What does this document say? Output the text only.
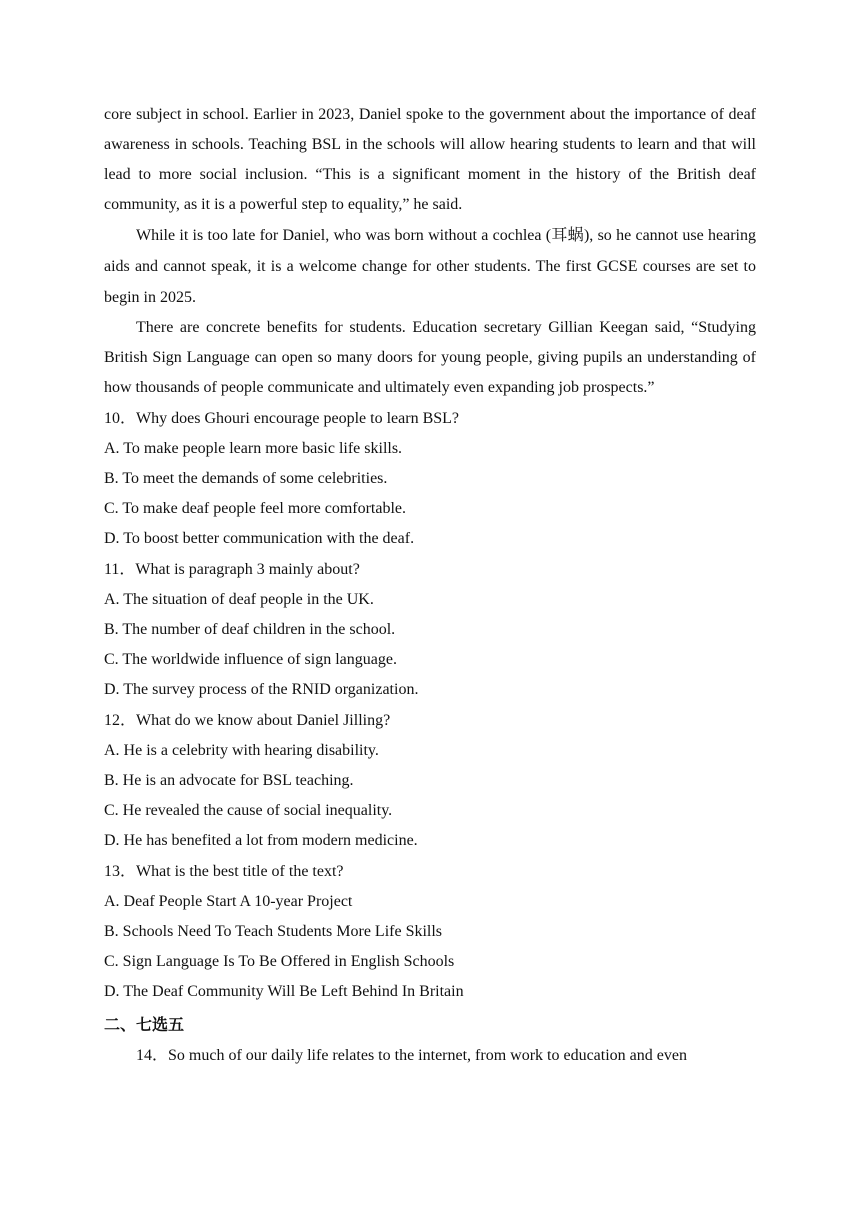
core subject in school. Earlier in 2023, Daniel spoke to the government about the importance of deaf awareness in schools. Teaching BSL in the schools will allow hearing students to learn and that will lead to more social inclusion. “This is a significant moment in the history of the British deaf community, as it is a powerful step to equality,” he said.

While it is too late for Daniel, who was born without a cochlea (耳蜗), so he cannot use hearing aids and cannot speak, it is a welcome change for other students. The first GCSE courses are set to begin in 2025.

There are concrete benefits for students. Education secretary Gillian Keegan said, “Studying British Sign Language can open so many doors for young people, giving pupils an understanding of how thousands of people communicate and ultimately even expanding job prospects.”

10．Why does Ghouri encourage people to learn BSL?

A. To make people learn more basic life skills.

B. To meet the demands of some celebrities.

C. To make deaf people feel more comfortable.

D. To boost better communication with the deaf.

11．What is paragraph 3 mainly about?

A. The situation of deaf people in the UK.

B. The number of deaf children in the school.

C. The worldwide influence of sign language.

D. The survey process of the RNID organization.

12．What do we know about Daniel Jilling?

A. He is a celebrity with hearing disability.

B. He is an advocate for BSL teaching.

C. He revealed the cause of social inequality.

D. He has benefited a lot from modern medicine.

13．What is the best title of the text?

A. Deaf People Start A 10-year Project

B. Schools Need To Teach Students More Life Skills

C. Sign Language Is To Be Offered in English Schools

D. The Deaf Community Will Be Left Behind In Britain

二、七选五

14．So much of our daily life relates to the internet, from work to education and even
